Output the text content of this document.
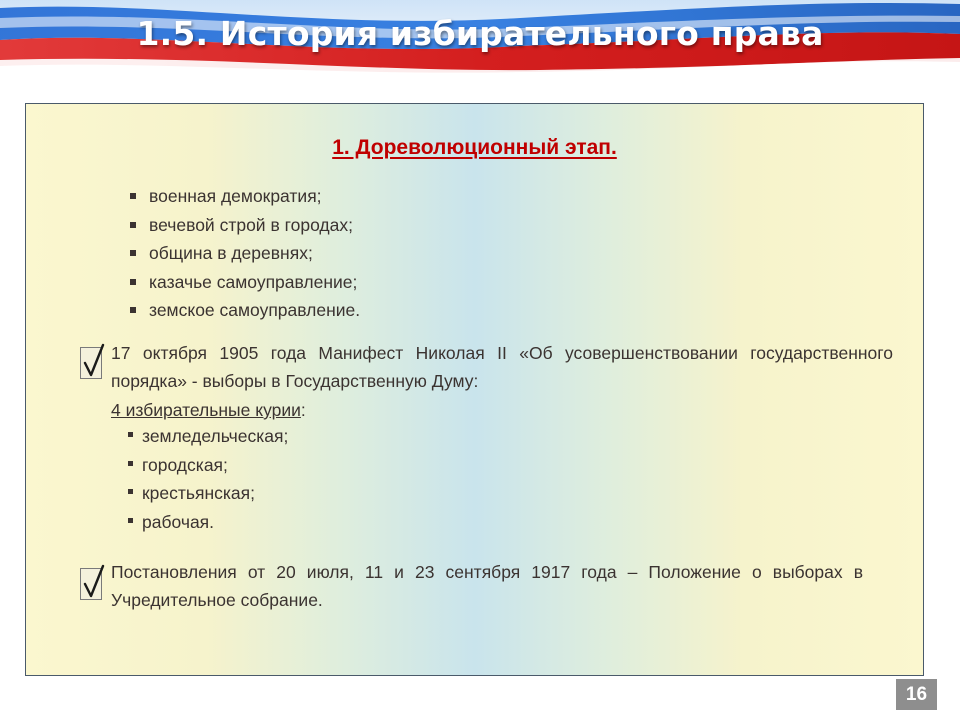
1.5. История избирательного права
1. Дореволюционный этап.
военная демократия;
вечевой строй в городах;
община в деревнях;
казачье самоуправление;
земское самоуправление.
17 октября 1905 года Манифест Николая II «Об усовершенствовании государственного порядка» - выборы в Государственную Думу:
4 избирательные курии:
земледельческая;
городская;
крестьянская;
рабочая.
Постановления от 20 июля, 11 и 23 сентября 1917 года – Положение о выборах в Учредительное собрание.
16
